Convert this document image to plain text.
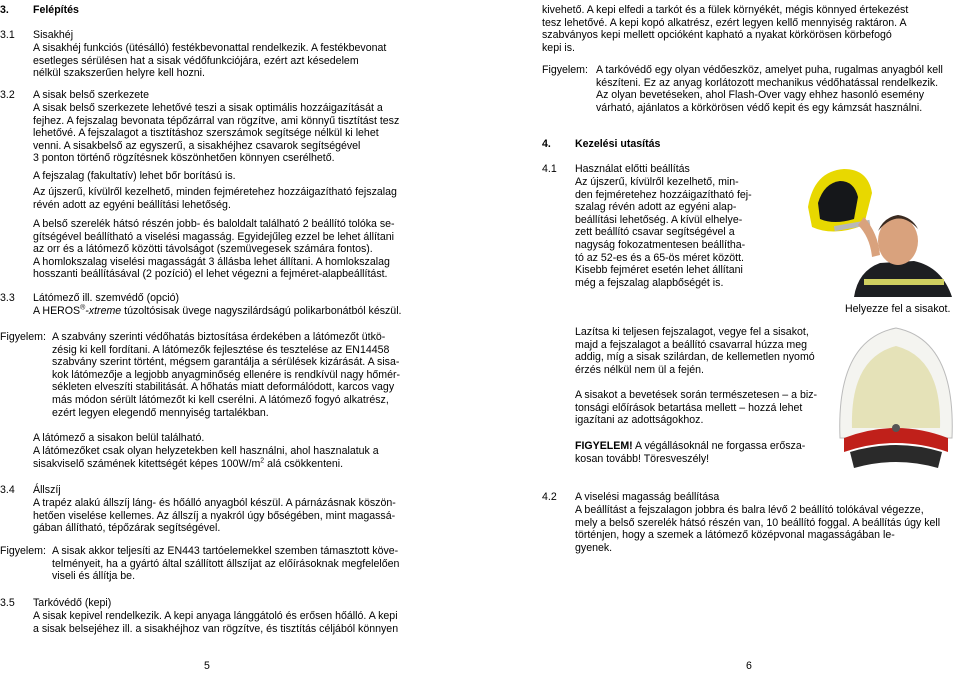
3. Felépítés
3.1 Sisakhéj
A sisakhéj funkciós (ütésálló) festékbevonattal rendelkezik. A festékbevonat
esetleges sérülésen hat a sisak védőfunkciójára, ezért azt késedelem
nélkül szakszerűen helyre kell hozni.
3.2 A sisak belső szerkezete
A sisak belső szerkezete lehetővé teszi a sisak optimális hozzáigazítását a
fejhez. A fejszalag bevonata tépőzárral van rögzítve, ami könnyű tisztítást tesz
lehetővé. A fejszalagot a tisztításhoz szerszámok segítsége nélkül ki lehet
venni. A sisakbelső az egyszerű, a sisakhéjhez csavarok segítségével
3 ponton történő rögzítésnek köszönhetően könnyen cserélhető.
A fejszalag (fakultatív) lehet bőr borítású is.
Az újszerű, kívülről kezelhető, minden fejméretehez hozzáigazítható fejszalag
révén adott az egyéni beállítási lehetőség.
A belső szerelék hátsó részén jobb- és baloldalt található 2 beállító tolóka se-
gítségével beállítható a viselési magasság. Egyidejűleg ezzel be lehet állítani
az orr és a látómező közötti távolságot (szemüvegesek számára fontos).
A homlokszalag viselési magasságát 3 állásba lehet állítani. A homlokszalag
hosszanti beállításával (2 pozíció) el lehet végezni a fejméret-alapbeállítást.
3.3 Látómező ill. szemvédő (opció)
A HEROS®-xtreme túzoltósisak üvege nagyszilárdságú polikarbonátból készül.
Figyelem: A szabvány szerinti védőhatás biztosítása érdekében a látómezőt ütkö-
zésig ki kell fordítani. A látómezők fejlesztése és tesztelése az EN14458
szabvány szerint történt, mégsem garantálja a sérülések kizárását. A sisa-
kok látómezője a legjobb anyagminőség ellenére is rendkívül nagy hőmér-
sékleten elveszíti stabilitását. A hőhatás miatt deformálódott, karcos vagy
más módon sérült látómezőt ki kell cserélni. A látómező fogyó alkatrész,
ezért legyen elegendő mennyiség tartalékban.
A látómező a sisakon belül található.
A látómezőket csak olyan helyzetekben kell használni, ahol hasznalatuk a
sisakviselő számének kitettségét képes $100W/m^2$ alá csökkenteni.
3.4 Állszíj
A trapéz alakú állszíj láng- és hőálló anyagból készül. A párnázásnak köszön-
hetően viselése kellemes. Az állszíj a nyakról úgy bőségében, mint magassá-
gában állítható, tépőzárak segítségével.
Figyelem: A sisak akkor teljesíti az EN443 tartóelemekkel szemben támasztott köve-
telményeit, ha a gyártó által szállított állszíjat az előírásoknak megfelelően
viseli és állítja be.
3.5 Tarkóvédő (kepi)
A sisak kepivel rendelkezik. A kepi anyaga lánggátoló és erősen hőálló. A kepi
a sisak belsejéhez ill. a sisakhéjhoz van rögzítve, és tisztítás céljából könnyen
5
kivehető. A kepi elfedi a tarkót és a fülek környékét, mégis könnyed értekezést
tesz lehetővé. A kepi kopó alkatrész, ezért legyen kellő mennyiség raktáron. A
szabványos kepi mellett opcióként kapható a nyakat körkörösen körbefogó
kepi is.
Figyelem: A tarkóvédő egy olyan védőeszköz, amelyet puha, rugalmas anyagból kell
készíteni. Ez az anyag korlátozott mechanikus védőhatással rendelkezik.
Az olyan bevetéseken, ahol Flash-Over vagy ehhez hasonló esemény
várható, ajánlatos a körkörösen védő kepit és egy kámzsát használni.
4. Kezelési utasítás
4.1 Használat előtti beállítás
Az újszerű, kívülről kezelhető, min-
den fejméretehez hozzáigazítható fej-
szalag révén adott az egyéni alap-
beállítási lehetőség. A kívül elhelye-
zett beállító csavar segítségével a
nagyság fokozatmentesen beállítha-
tó az 52-es és a 65-ös méret között.
Kisebb fejméret esetén lehet állítani
még a fejszalag alapbőségét is.
Helyezze fel a sisakot.
Lazítsa ki teljesen fejszalagot, vegye fel a sisakot,
majd a fejszalagot a beállító csavarral húzza meg
addig, míg a sisak szilárdan, de kellemetlen nyomó
érzés nélkül nem ül a fején.
A sisakot a bevetések során természetesen – a biz-
tonsági előírások betartása mellett – hozzá lehet
igazítani az adottságokhoz.
FIGYELEM! A végállásoknál ne forgassa erősza-
kosan tovább! Töresveszély!
4.2 A viselési magasság beállítása
A beállítást a fejszalagon jobbra és balra lévő 2 beállító tolókával végezze,
mely a belső szerelék hátsó részén van, 10 beállító foggal. A beállítás úgy kell
történjen, hogy a szemek a látómező középvonal magasságában le-
gyenek.
6
